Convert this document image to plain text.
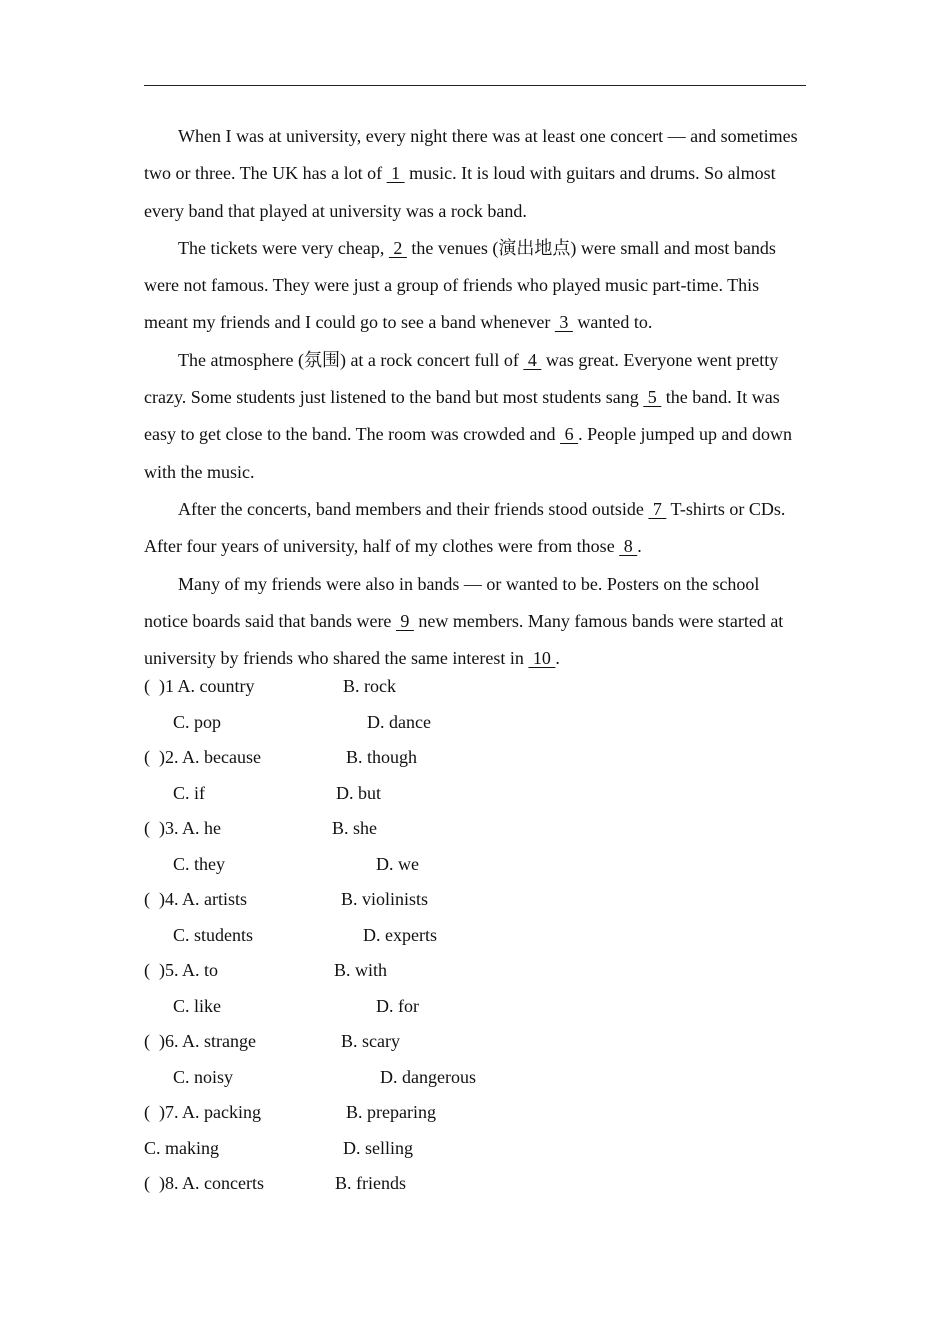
When I was at university, every night there was at least one concert — and sometimes two or three. The UK has a lot of  1  music. It is loud with guitars and drums. So almost every band that played at university was a rock band.

The tickets were very cheap,  2  the venues (演出地点) were small and most bands were not famous. They were just a group of friends who played music part-time. This meant my friends and I could go to see a band whenever  3  wanted to.

The atmosphere (氛围) at a rock concert full of  4  was great. Everyone went pretty crazy. Some students just listened to the band but most students sang  5  the band. It was easy to get close to the band. The room was crowded and  6 . People jumped up and down with the music.

After the concerts, band members and their friends stood outside  7  T-shirts or CDs. After four years of university, half of my clothes were from those  8 .

Many of my friends were also in bands — or wanted to be. Posters on the school notice boards said that bands were  9  new members. Many famous bands were started at university by friends who shared the same interest in  10 .

(  )1 A. country	B. rock
C. pop	D. dance
(  )2. A. because	B. though
C. if	D. but
(  )3. A. he	B. she
C. they	D. we
(  )4. A. artists	B. violinists
C. students	D. experts
(  )5. A. to	B. with
C. like	D. for
(  )6. A. strange	B. scary
C. noisy	D. dangerous
(  )7. A. packing	B. preparing
C. making	D. selling
(  )8. A. concerts	B. friends
